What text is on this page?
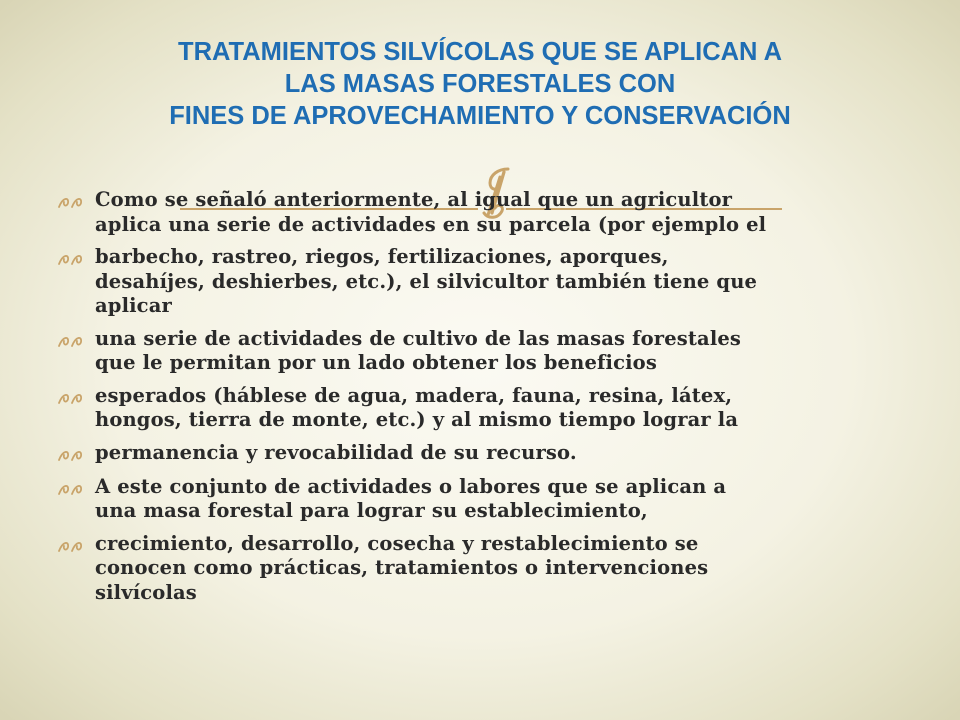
TRATAMIENTOS SILVÍCOLAS QUE SE APLICAN A
LAS MASAS FORESTALES CON
FINES DE APROVECHAMIENTO Y CONSERVACIÓN
Como se señaló anteriormente, al igual que un agricultor
aplica una serie de actividades en su parcela (por ejemplo el
barbecho, rastreo, riegos, fertilizaciones, aporques,
desahíjes, deshierbes, etc.), el silvicultor también tiene que
aplicar
una serie de actividades de cultivo de las masas forestales
que le permitan por un lado obtener los beneficios
esperados (háblese de agua, madera, fauna, resina, látex,
hongos, tierra de monte, etc.) y al mismo tiempo lograr la
permanencia y revocabilidad de su recurso.
A este conjunto de actividades o labores que se aplican a
una masa forestal para lograr su establecimiento,
crecimiento, desarrollo, cosecha y restablecimiento se
conocen como prácticas, tratamientos o intervenciones
silvícolas
